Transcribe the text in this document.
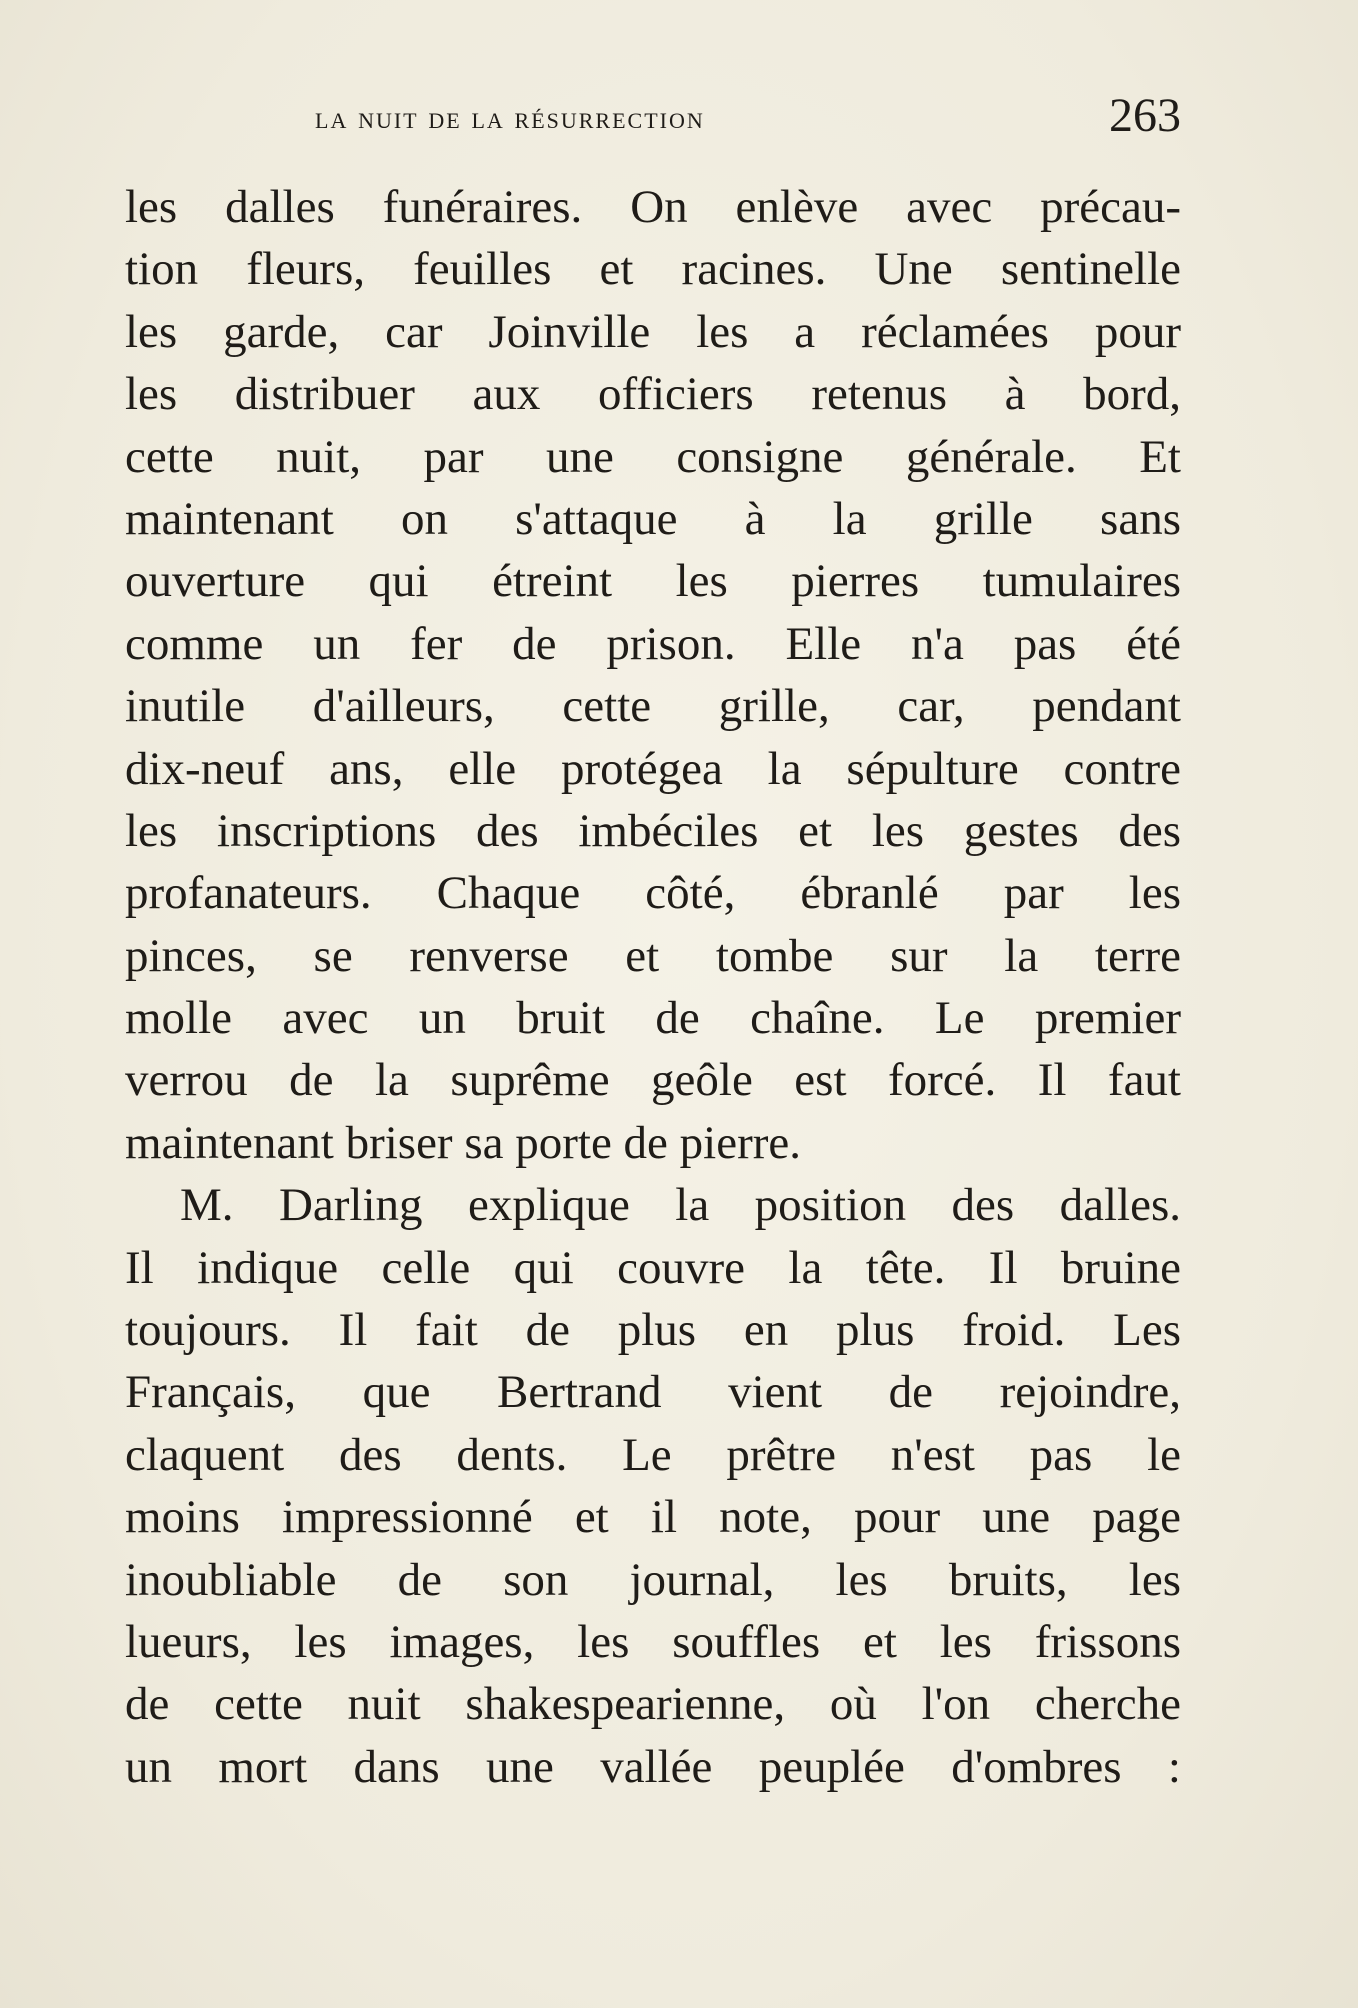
la nuit de la résurrection	263
les dalles funéraires. On enlève avec précau-
tion fleurs, feuilles et racines. Une sentinelle
les garde, car Joinville les a réclamées pour
les distribuer aux officiers retenus à bord,
cette nuit, par une consigne générale. Et
maintenant on s'attaque à la grille sans
ouverture qui étreint les pierres tumulaires
comme un fer de prison. Elle n'a pas été
inutile d'ailleurs, cette grille, car, pendant
dix-neuf ans, elle protégea la sépulture contre
les inscriptions des imbéciles et les gestes des
profanateurs. Chaque côté, ébranlé par les
pinces, se renverse et tombe sur la terre
molle avec un bruit de chaîne. Le premier
verrou de la suprême geôle est forcé. Il faut
maintenant briser sa porte de pierre.
M. Darling explique la position des dalles.
Il indique celle qui couvre la tête. Il bruine
toujours. Il fait de plus en plus froid. Les
Français, que Bertrand vient de rejoindre,
claquent des dents. Le prêtre n'est pas le
moins impressionné et il note, pour une page
inoubliable de son journal, les bruits, les
lueurs, les images, les souffles et les frissons
de cette nuit shakespearienne, où l'on cherche
un mort dans une vallée peuplée d'ombres :
